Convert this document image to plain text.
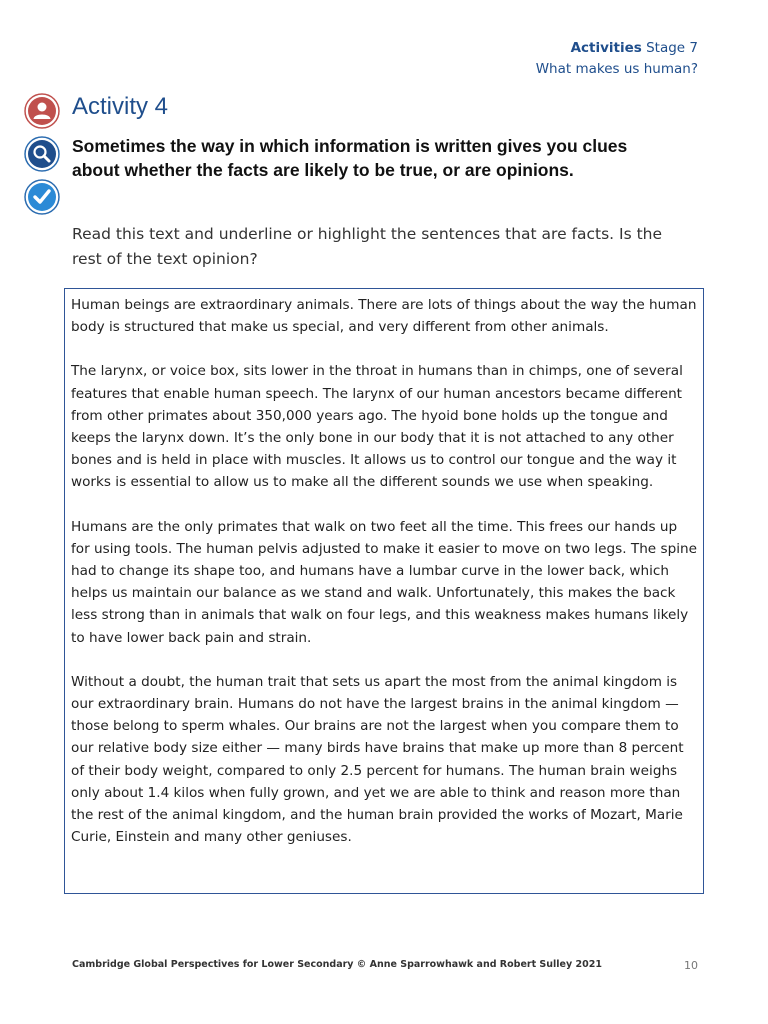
Activities Stage 7
What makes us human?
Activity 4
Sometimes the way in which information is written gives you clues about whether the facts are likely to be true, or are opinions.
Read this text and underline or highlight the sentences that are facts. Is the rest of the text opinion?

Human beings are extraordinary animals. There are lots of things about the way the human body is structured that make us special, and very different from other animals.

The larynx, or voice box, sits lower in the throat in humans than in chimps, one of several features that enable human speech. The larynx of our human ancestors became different from other primates about 350,000 years ago. The hyoid bone holds up the tongue and keeps the larynx down. It’s the only bone in our body that it is not attached to any other bones and is held in place with muscles. It allows us to control our tongue and the way it works is essential to allow us to make all the different sounds we use when speaking.

Humans are the only primates that walk on two feet all the time. This frees our hands up for using tools. The human pelvis adjusted to make it easier to move on two legs. The spine had to change its shape too, and humans have a lumbar curve in the lower back, which helps us maintain our balance as we stand and walk. Unfortunately, this makes the back less strong than in animals that walk on four legs, and this weakness makes humans likely to have lower back pain and strain.

Without a doubt, the human trait that sets us apart the most from the animal kingdom is our extraordinary brain. Humans do not have the largest brains in the animal kingdom — those belong to sperm whales. Our brains are not the largest when you compare them to our relative body size either — many birds have brains that make up more than 8 percent of their body weight, compared to only 2.5 percent for humans. The human brain weighs only about 1.4 kilos when fully grown, and yet we are able to think and reason more than the rest of the animal kingdom, and the human brain provided the works of Mozart, Marie Curie, Einstein and many other geniuses.

Cambridge Global Perspectives for Lower Secondary © Anne Sparrowhawk and Robert Sulley 2021	10
